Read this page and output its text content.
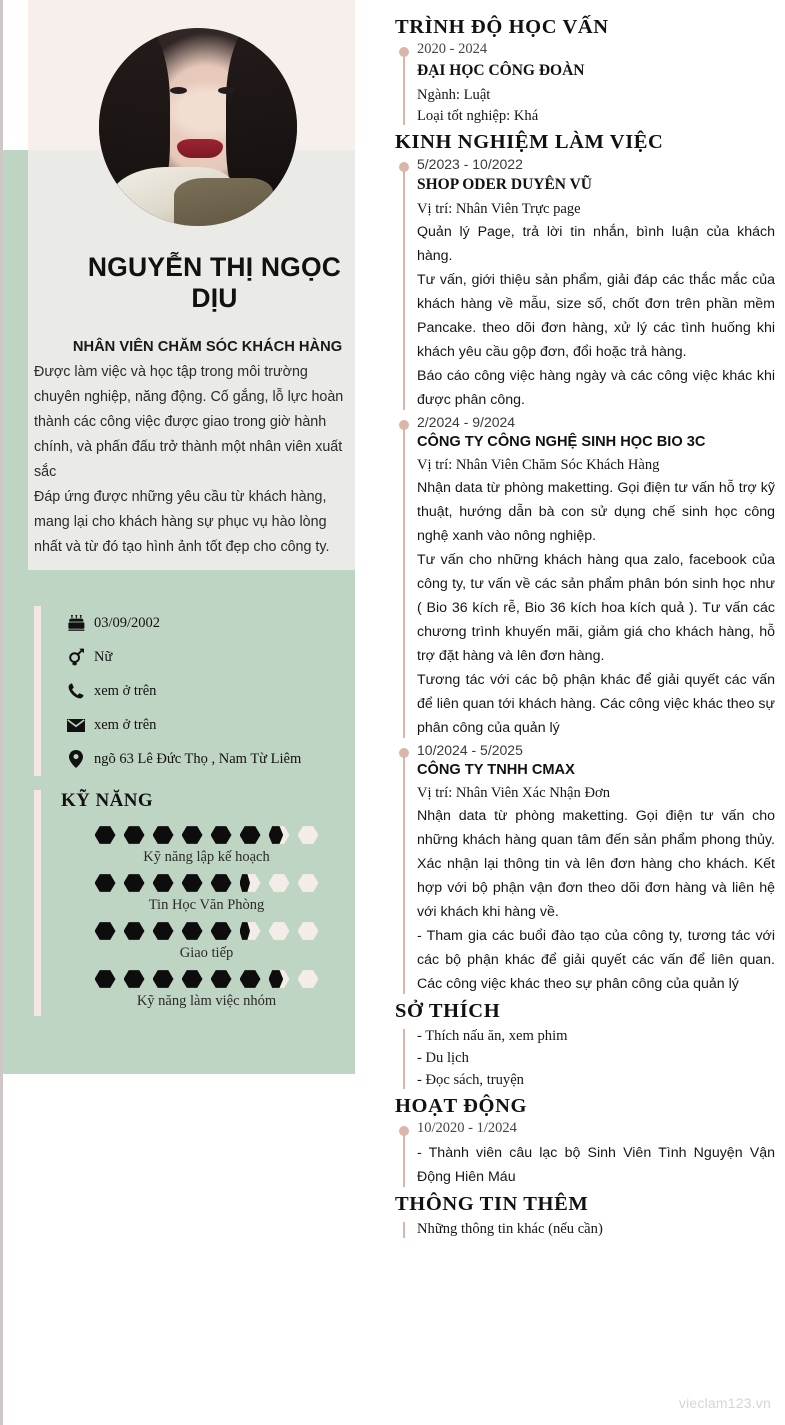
NGUYỄN THỊ NGỌC DỊU
NHÂN VIÊN CHĂM SÓC KHÁCH HÀNG

Được làm việc và học tập trong môi trường chuyên nghiệp, năng động. Cố gắng, lỗ lực hoàn thành các công việc được giao trong giờ hành chính, và phấn đấu trở thành một nhân viên xuất sắc

Đáp ứng được những yêu cầu từ khách hàng, mang lại cho khách hàng sự phục vụ hào lòng nhất và từ đó tạo hình ảnh tốt đẹp cho công ty.

03/09/2002
Nữ
xem ở trên
xem ở trên
ngõ 63 Lê Đức Thọ , Nam Từ Liêm
KỸ NĂNG
Kỹ năng lập kế hoạch
Tin Học Văn Phòng
Giao tiếp
Kỹ năng làm việc nhóm
TRÌNH ĐỘ HỌC VẤN
2020 - 2024
ĐẠI HỌC CÔNG ĐOÀN
Ngành: Luật
Loại tốt nghiệp: Khá
KINH NGHIỆM LÀM VIỆC
5/2023 - 10/2022
SHOP ODER DUYÊN VŨ
Vị trí: Nhân Viên Trực page

Quản lý Page, trả lời tin nhắn, bình luận của khách hàng.

Tư vấn, giới thiệu sản phẩm, giải đáp các thắc mắc của khách hàng về mẫu, size số, chốt đơn trên phần mềm Pancake. theo dõi đơn hàng, xử lý các tình huống khi khách yêu cầu gộp đơn, đổi hoặc trả hàng.

Báo cáo công việc hàng ngày và các công việc khác khi được phân công.

2/2024 - 9/2024
CÔNG TY CÔNG NGHỆ SINH HỌC BIO 3C
Vị trí: Nhân Viên Chăm Sóc Khách Hàng

Nhận data từ phòng maketting. Gọi điện tư vấn hỗ trợ kỹ thuật, hướng dẫn bà con sử dụng chế sinh học công nghệ xanh vào nông nghiệp.

Tư vấn cho những khách hàng qua zalo, facebook của công ty, tư vấn về các sản phẩm phân bón sinh học như ( Bio 36 kích rễ, Bio 36 kích hoa kích quả ). Tư vấn các chương trình khuyến mãi, giảm giá cho khách hàng, hỗ trợ đặt hàng và lên đơn hàng.

Tương tác với các bộ phận khác để giải quyết các vấn để liên quan tới khách hàng. Các công việc khác theo sự phân công của quản lý

10/2024 - 5/2025
CÔNG TY TNHH CMAX
Vị trí: Nhân Viên Xác Nhận Đơn

Nhận data từ phòng maketting. Gọi điện tư vấn cho những khách hàng quan tâm đến sản phẩm phong thủy. Xác nhận lại thông tin và lên đơn hàng cho khách. Kết hợp với bộ phận vận đơn theo dõi đơn hàng và liên hệ với khách khi hàng về.

- Tham gia các buổi đào tạo của công ty, tương tác với các bộ phận khác để giải quyết các vấn để liên quan. Các công việc khác theo sự phân công của quản lý

SỞ THÍCH
- Thích nấu ăn, xem phim
- Du lịch
- Đọc sách, truyện
HOẠT ĐỘNG
10/2020 - 1/2024

- Thành viên câu lạc bộ Sinh Viên Tình Nguyện Vận Động Hiên Máu

THÔNG TIN THÊM
Những thông tin khác (nếu cần)
vieclam123.vn
